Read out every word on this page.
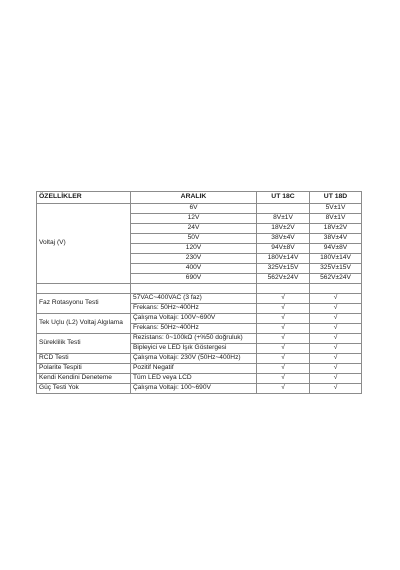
ÖZELLİKLER	ARALIK	UT 18C	UT 18D
Voltaj (V)	6V		5V±1V
	12V	8V±1V	8V±1V
	24V	18V±2V	18V±2V
	50V	38V±4V	38V±4V
	120V	94V±8V	94V±8V
	230V	180V±14V	180V±14V
	400V	325V±15V	325V±15V
	690V	562V±24V	562V±24V

Faz Rotasyonu Testi	57VAC~400VAC (3 faz)	√	√
	Frekans: 50Hz~400Hz	√	√
Tek Uçlu (L2) Voltaj Algılama	Çalışma Voltajı: 100V~690V	√	√
	Frekans: 50Hz~400Hz	√	√
Süreklilik Testi	Rezistans: 0~100kΩ (+%50 doğruluk)	√	√
	Bipleyici ve LED Işık Göstergesi	√	√
RCD Testi	Çalışma Voltajı: 230V (50Hz~400Hz)	√	√
Polarite Tespiti	Pozitif Negatif	√	√
Kendi Kendini Deneteme	Tüm LED veya LCD	√	√
Güç Testi Yok	Çalışma Voltajı: 100~690V	√	√
